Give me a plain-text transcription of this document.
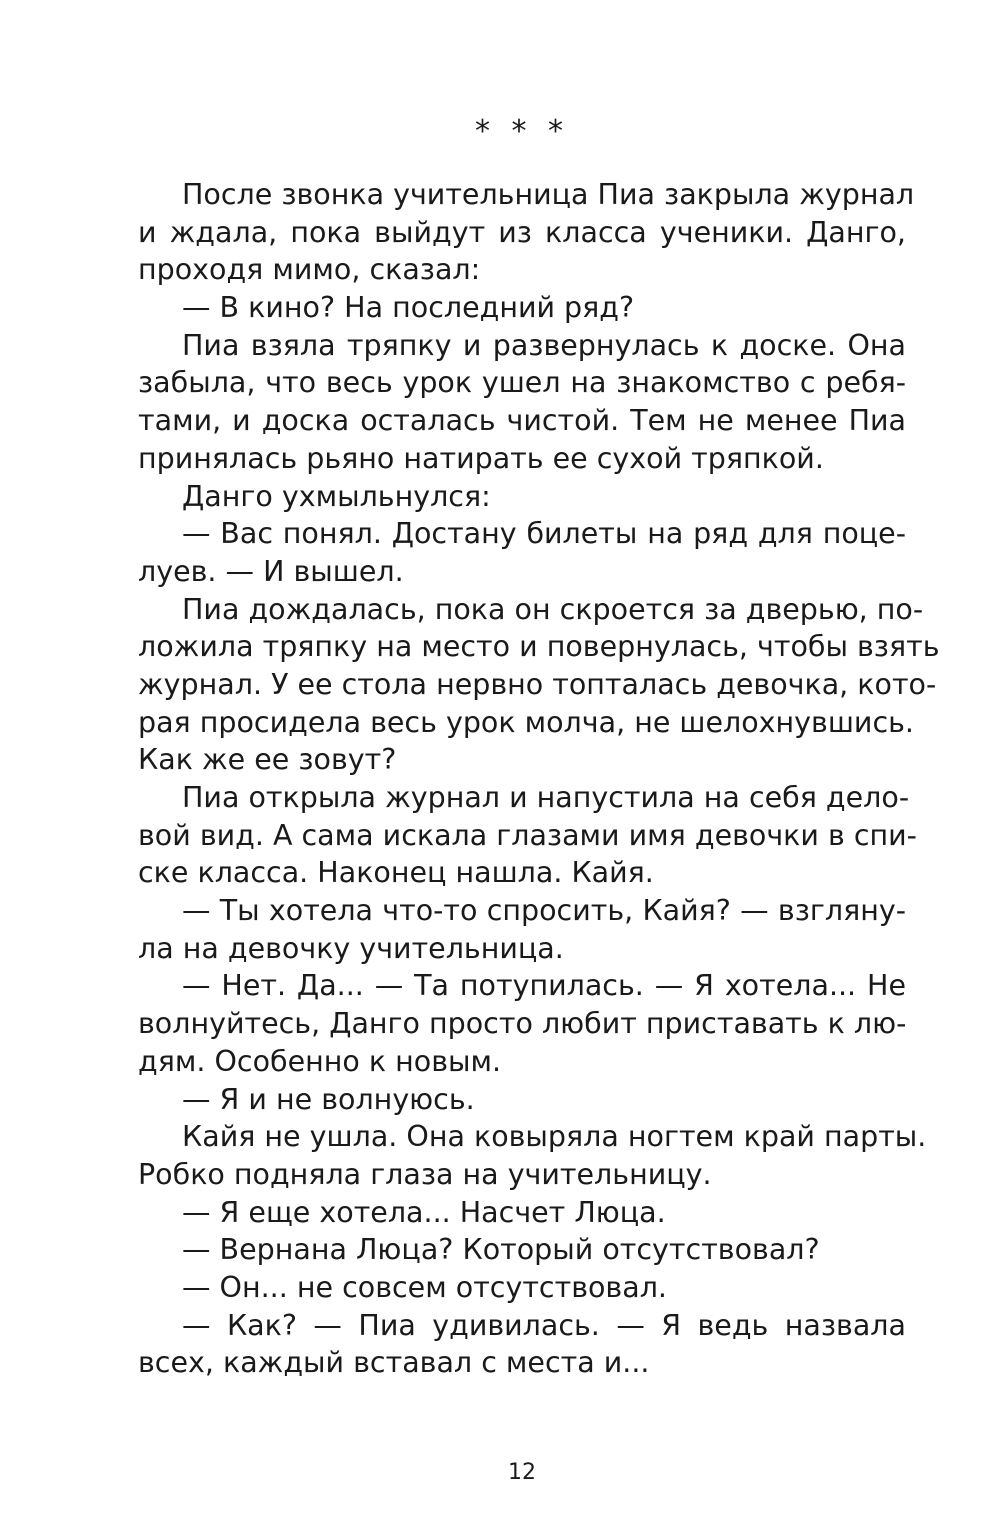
* * *
После звонка учительница Пиа закрыла журнал
и ждала, пока выйдут из класса ученики. Данго,
проходя мимо, сказал:
— В кино? На последний ряд?
Пиа взяла тряпку и развернулась к доске. Она
забыла, что весь урок ушел на знакомство с ребя-
тами, и доска осталась чистой. Тем не менее Пиа
принялась рьяно натирать ее сухой тряпкой.
Данго ухмыльнулся:
— Вас понял. Достану билеты на ряд для поце-
луев. — И вышел.
Пиа дождалась, пока он скроется за дверью, по-
ложила тряпку на место и повернулась, чтобы взять
журнал. У ее стола нервно топталась девочка, кото-
рая просидела весь урок молча, не шелохнувшись.
Как же ее зовут?
Пиа открыла журнал и напустила на себя дело-
вой вид. А сама искала глазами имя девочки в спи-
ске класса. Наконец нашла. Кайя.
— Ты хотела что-то спросить, Кайя? — взгляну-
ла на девочку учительница.
— Нет. Да... — Та потупилась. — Я хотела... Не
волнуйтесь, Данго просто любит приставать к лю-
дям. Особенно к новым.
— Я и не волнуюсь.
Кайя не ушла. Она ковыряла ногтем край парты.
Робко подняла глаза на учительницу.
— Я еще хотела... Насчет Люца.
— Вернана Люца? Который отсутствовал?
— Он... не совсем отсутствовал.
— Как? — Пиа удивилась. — Я ведь назвала
всех, каждый вставал с места и...
12
